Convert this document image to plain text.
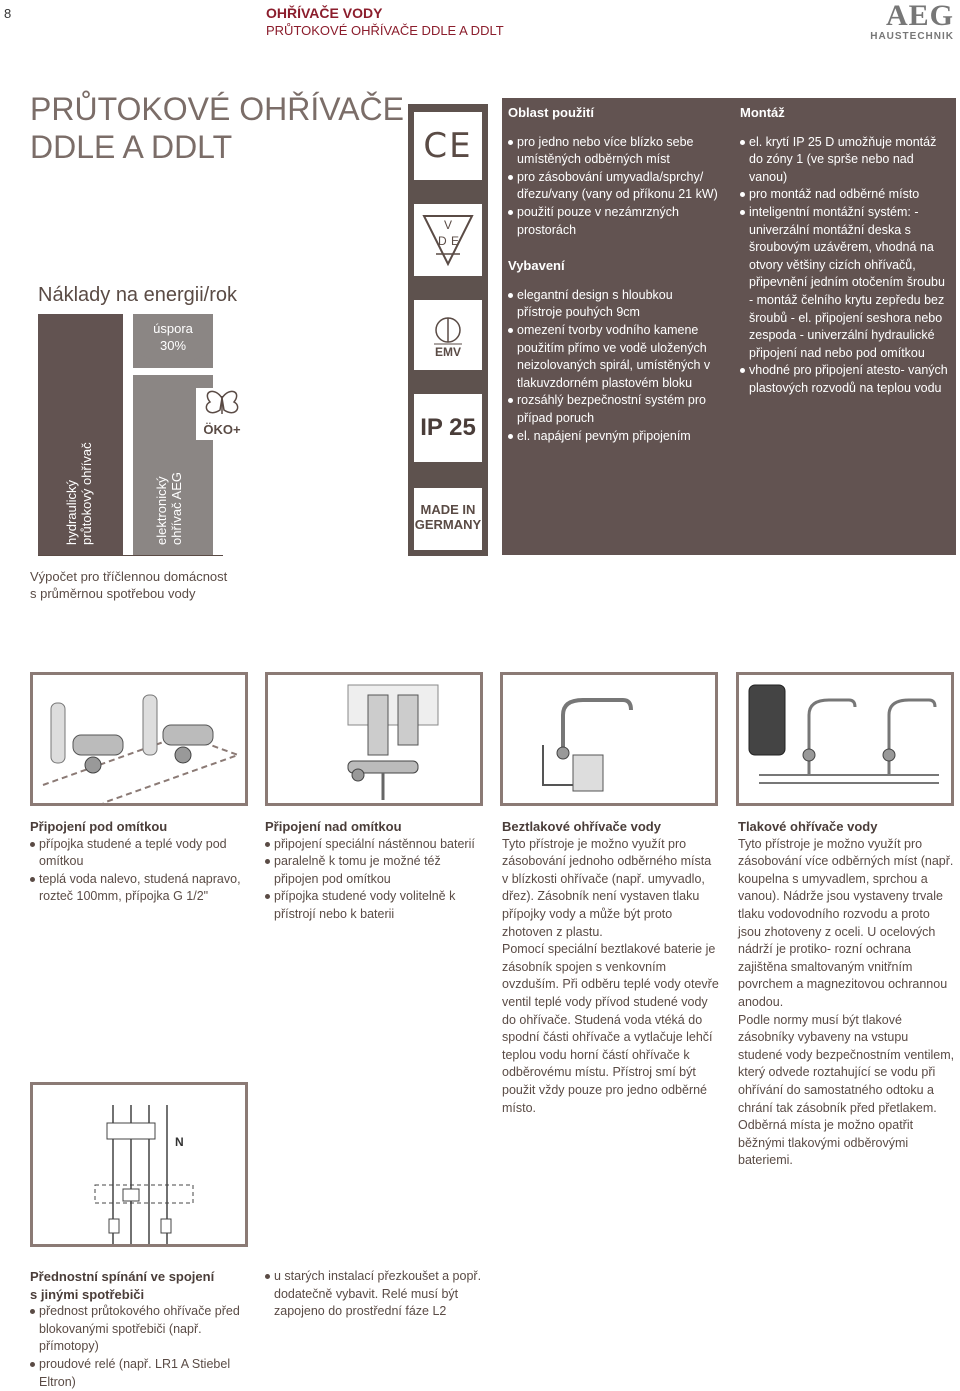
8	OHŘÍVAČE VODY
PRŮTOKOVÉ OHŘÍVAČE DDLE A DDLT	AEG
HAUSTECHNIK
PRŮTOKOVÉ OHŘÍVAČE
DDLE A DDLT
Náklady na energii/rok
hydraulický
průtokový ohřívač
úspora
30%
elektronický
ohřívač AEG
ÖKO+
Výpočet pro tříčlennou domácnost
s průměrnou spotřebou vody
CE
V
D E
EMV
IP 25
MADE IN
GERMANY
Oblast použití
pro jedno nebo více blízko sebe umístěných odběrných míst
pro zásobování umyvadla/sprchy/ dřezu/vany (vany od příkonu 21 kW)
použití pouze v nezámrzných prostorách
Vybavení
elegantní design s hloubkou přístroje pouhých 9cm
omezení tvorby vodního kamene použitím přímo ve vodě uložených neizolovaných spirál, umístěných v tlakuvzdorném plastovém bloku
rozsáhlý bezpečnostní systém pro případ poruch
el. napájení pevným připojením
Montáž
el. krytí IP 25 D umožňuje montáž do zóny 1 (ve sprše nebo nad vanou)
pro montáž nad odběrné místo
inteligentní montážní systém: - univerzální montážní deska s šroubovým uzávěrem, vhodná na otvory většiny cizích ohřívačů, připevnění jedním otočením šroubu - montáž čelního krytu zepředu bez šroubů - el. připojení seshora nebo zespoda - univerzální hydraulické připojení nad nebo pod omítkou
vhodné pro připojení atesto- vaných plastových rozvodů na teplou vodu
Připojení pod omítkou
přípojka studené a teplé vody pod omítkou
teplá voda nalevo, studená napravo, rozteč 100mm, přípojka G 1/2"
Připojení nad omítkou
připojení speciální nástěnnou baterií
paralelně k tomu je možné též připojen pod omítkou
přípojka studené vody volitelně k přístrojí nebo k baterii
Beztlakové ohřívače vody

Tyto přístroje je možno využít pro zásobování jednoho odběrného místa v blízkosti ohřívače (např. umyvadlo, dřez). Zásobník není vystaven tlaku přípojky vody a může být proto zhotoven z plastu.

Pomocí speciální beztlakové baterie je zásobník spojen s venkovním ovzduším. Při odběru teplé vody otevře ventil teplé vody přívod studené vody do ohřívače. Studená voda vtéká do spodní části ohřívače a vytlačuje lehčí teplou vodu horní částí ohřívače k odběrovému místu. Přístroj smí být použit vždy pouze pro jedno odběrné místo.

Tlakové ohřívače vody

Tyto přístroje je možno využít pro zásobování více odběrných míst (např. koupelna s umyvadlem, sprchou a vanou). Nádrže jsou vystaveny trvale tlaku vodovodního rozvodu a proto jsou zhotoveny z oceli. U ocelových nádrží je protiko- rozní ochrana zajištěna smaltovaným vnitřním povrchem a magnezitovou ochrannou anodou.

Podle normy musí být tlakové zásobníky vybaveny na vstupu studené vody bezpečnostním ventilem, který odvede roztahující se vodu při ohřívání do samostatného odtoku a chrání tak zásobník před přetlakem.

Odběrná místa je možno opatřit běžnými tlakovými odběrovými bateriemi.

N
Přednostní spínání ve spojení
s jinými spotřebiči
přednost průtokového ohřívače před blokovanými spotřebiči (např. přímotopy)
proudové relé (např. LR1 A Stiebel Eltron)
u starých instalací přezkoušet a popř. dodatečně vybavit. Relé musí být zapojeno do prostřední fáze L2
